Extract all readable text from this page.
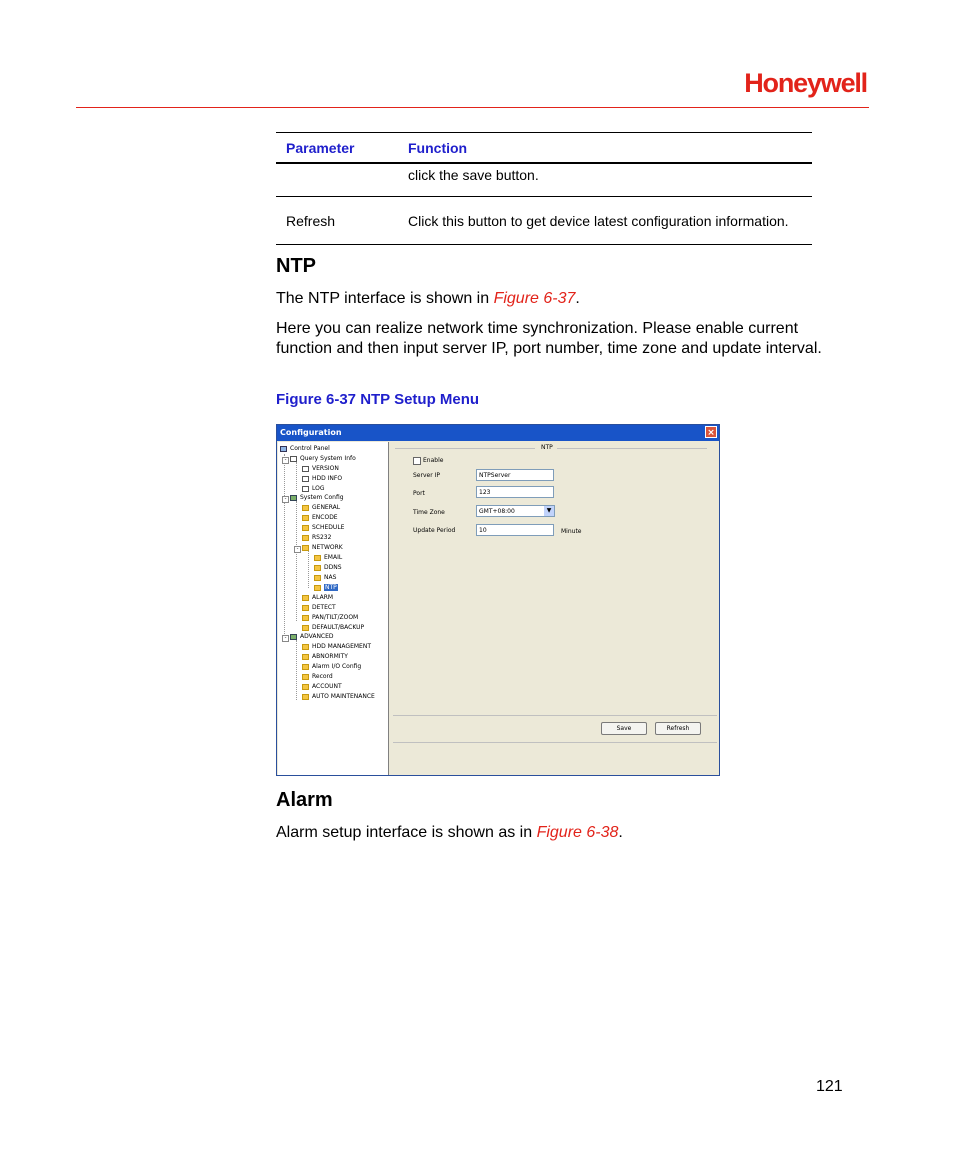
Honeywell
Parameter	Function
	click the save button.
Refresh	Click this button to get device latest configuration information.
NTP
The NTP interface is shown in Figure 6-37.
Here you can realize network time synchronization. Please enable current function and then input server IP, port number, time zone and update interval.
Figure 6-37 NTP Setup Menu
Configuration	×
Control Panel
-	Query System Info
VERSION
HDD INFO
LOG
-	System Config
GENERAL
ENCODE
SCHEDULE
RS232
-	NETWORK
EMAIL
DDNS
NAS
NTP
ALARM
DETECT
PAN/TILT/ZOOM
DEFAULT/BACKUP
-	ADVANCED
HDD MANAGEMENT
ABNORMITY
Alarm I/O Config
Record
ACCOUNT
AUTO MAINTENANCE
NTP
Enable
Server IP	NTPServer
Port	123
Time Zone	GMT+08:00	▼
Update Period	10	Minute
Save	Refresh
Alarm
Alarm setup interface is shown as in Figure 6-38.
121
